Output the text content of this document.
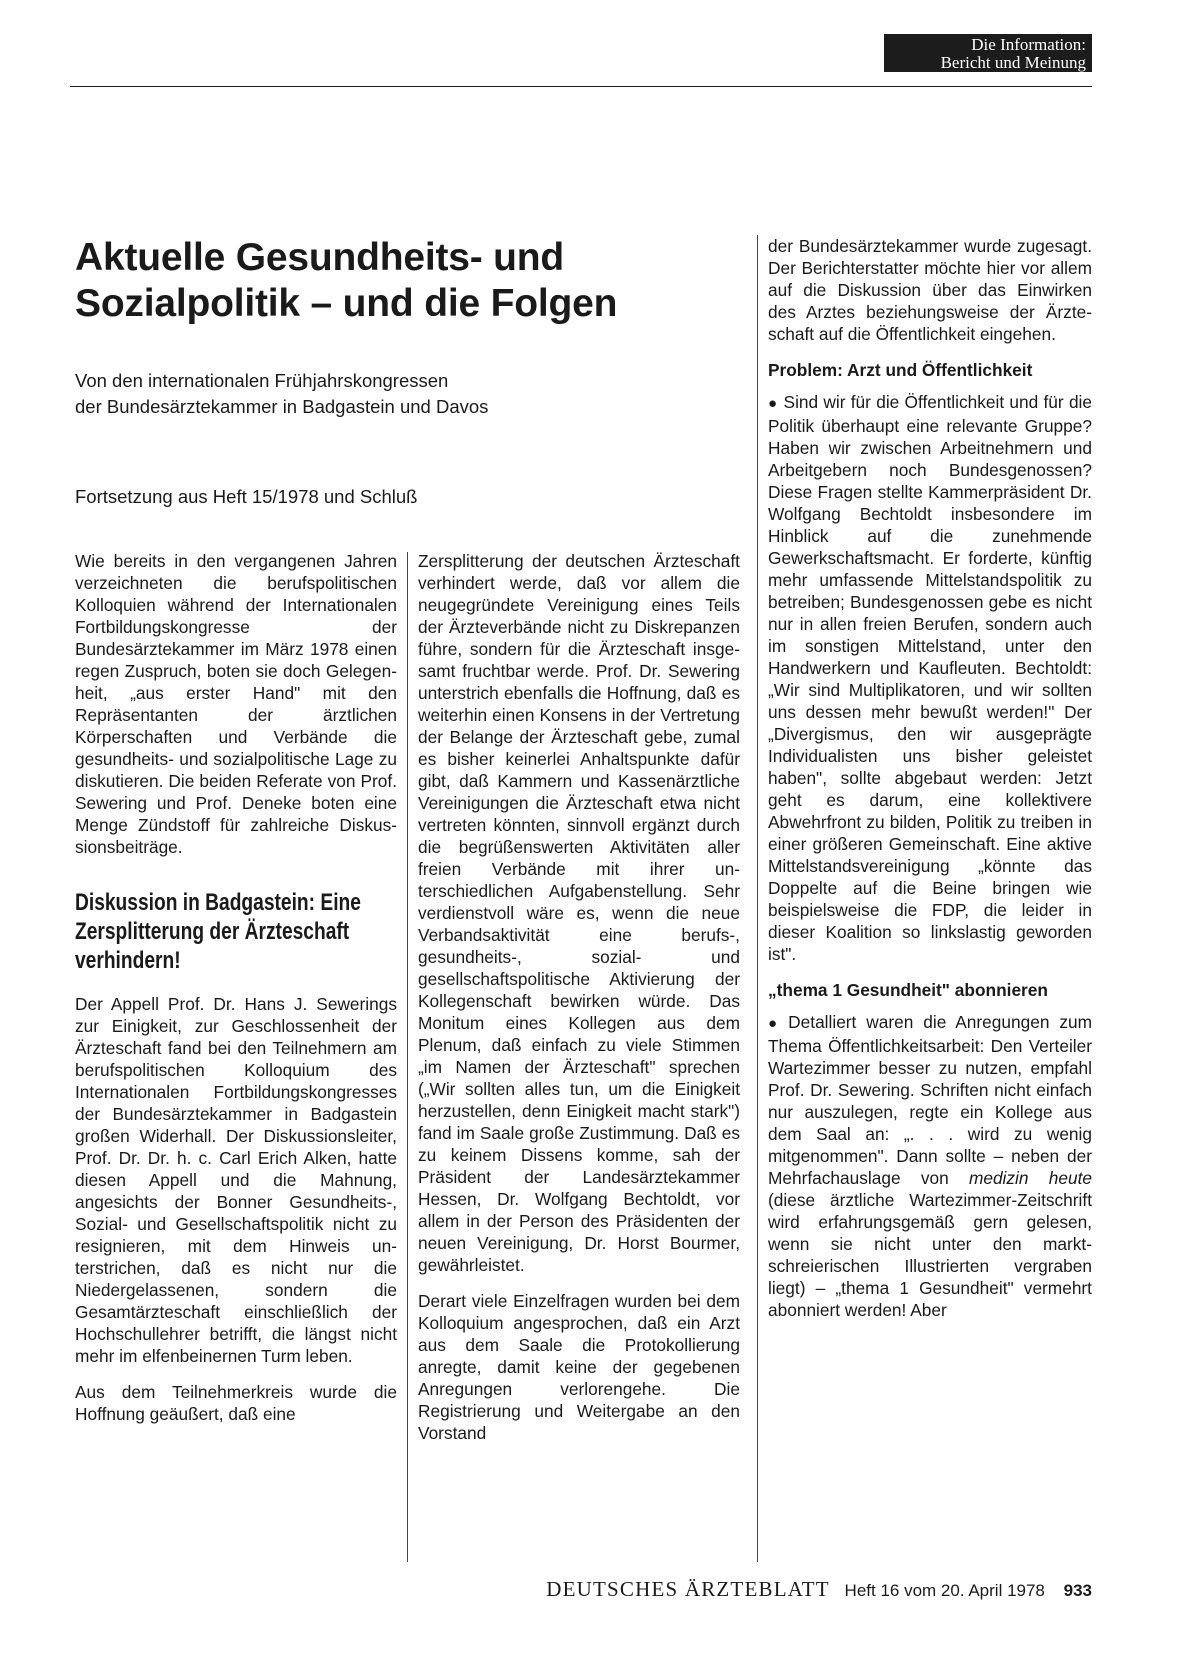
Die Information:
Bericht und Meinung
Aktuelle Gesundheits- und
Sozialpolitik – und die Folgen
Von den internationalen Frühjahrskongressen
der Bundesärztekammer in Badgastein und Davos
Fortsetzung aus Heft 15/1978 und Schluß

Wie bereits in den vergangenen Jahren verzeichneten die berufspolitischen Kolloquien während der Internationalen Fortbildungskongresse der Bundesärztekammer im März 1978 einen regen Zuspruch, boten sie doch Gelegenheit, „aus erster Hand" mit den Repräsentanten der ärztlichen Körperschaften und Verbände die gesundheits- und sozialpolitische Lage zu diskutieren. Die beiden Referate von Prof. Sewering und Prof. Deneke boten eine Menge Zündstoff für zahlreiche Diskussionsbeiträge.

Diskussion in Badgastein: Eine Zersplitterung der Ärzteschaft verhindern!

Der Appell Prof. Dr. Hans J. Sewerings zur Einigkeit, zur Geschlossenheit der Ärzteschaft fand bei den Teilnehmern am berufspolitischen Kolloquium des Internationalen Fortbildungskongresses der Bundesärztekammer in Badgastein großen Widerhall. Der Diskussionsleiter, Prof. Dr. Dr. h. c. Carl Erich Alken, hatte diesen Appell und die Mahnung, angesichts der Bonner Gesundheits-, Sozial- und Gesellschaftspolitik nicht zu resignieren, mit dem Hinweis unterstrichen, daß es nicht nur die Niedergelassenen, sondern die Gesamtärzteschaft einschließlich der Hochschullehrer betrifft, die längst nicht mehr im elfenbeinernen Turm leben.

Aus dem Teilnehmerkreis wurde die Hoffnung geäußert, daß eine

Zersplitterung der deutschen Ärzteschaft verhindert werde, daß vor allem die neugegründete Vereinigung eines Teils der Ärzteverbände nicht zu Diskrepanzen führe, sondern für die Ärzteschaft insgesamt fruchtbar werde. Prof. Dr. Sewering unterstrich ebenfalls die Hoffnung, daß es weiterhin einen Konsens in der Vertretung der Belange der Ärzteschaft gebe, zumal es bisher keinerlei Anhaltspunkte dafür gibt, daß Kammern und Kassenärztliche Vereinigungen die Ärzteschaft etwa nicht vertreten könnten, sinnvoll ergänzt durch die begrüßenswerten Aktivitäten aller freien Verbände mit ihrer unterschiedlichen Aufgabenstellung. Sehr verdienstvoll wäre es, wenn die neue Verbandsaktivität eine berufs-, gesundheits-, sozial- und gesellschaftspolitische Aktivierung der Kollegenschaft bewirken würde. Das Monitum eines Kollegen aus dem Plenum, daß einfach zu viele Stimmen „im Namen der Ärzteschaft" sprechen („Wir sollten alles tun, um die Einigkeit herzustellen, denn Einigkeit macht stark") fand im Saale große Zustimmung. Daß es zu keinem Dissens komme, sah der Präsident der Landesärztekammer Hessen, Dr. Wolfgang Bechtoldt, vor allem in der Person des Präsidenten der neuen Vereinigung, Dr. Horst Bourmer, gewährleistet.

Derart viele Einzelfragen wurden bei dem Kolloquium angesprochen, daß ein Arzt aus dem Saale die Protokollierung anregte, damit keine der gegebenen Anregungen verlorengehe. Die Registrierung und Weitergabe an den Vorstand

der Bundesärztekammer wurde zugesagt. Der Berichterstatter möchte hier vor allem auf die Diskussion über das Einwirken des Arztes beziehungsweise der Ärzteschaft auf die Öffentlichkeit eingehen.

Problem: Arzt und Öffentlichkeit

● Sind wir für die Öffentlichkeit und für die Politik überhaupt eine relevante Gruppe? Haben wir zwischen Arbeitnehmern und Arbeitgebern noch Bundesgenossen? Diese Fragen stellte Kammerpräsident Dr. Wolfgang Bechtoldt insbesondere im Hinblick auf die zunehmende Gewerkschaftsmacht. Er forderte, künftig mehr umfassende Mittelstandspolitik zu betreiben; Bundesgenossen gebe es nicht nur in allen freien Berufen, sondern auch im sonstigen Mittelstand, unter den Handwerkern und Kaufleuten. Bechtoldt: „Wir sind Multiplikatoren, und wir sollten uns dessen mehr bewußt werden!" Der „Divergismus, den wir ausgeprägte Individualisten uns bisher geleistet haben", sollte abgebaut werden: Jetzt geht es darum, eine kollektivere Abwehrfront zu bilden, Politik zu treiben in einer größeren Gemeinschaft. Eine aktive Mittelstandsvereinigung „könnte das Doppelte auf die Beine bringen wie beispielsweise die FDP, die leider in dieser Koalition so linkslastig geworden ist".

„thema 1 Gesundheit" abonnieren

● Detalliert waren die Anregungen zum Thema Öffentlichkeitsarbeit: Den Verteiler Wartezimmer besser zu nutzen, empfahl Prof. Dr. Sewering. Schriften nicht einfach nur auszulegen, regte ein Kollege aus dem Saal an: „. . . wird zu wenig mitgenommen". Dann sollte – neben der Mehrfachauslage von medizin heute (diese ärztliche Wartezimmer-Zeitschrift wird erfahrungsgemäß gern gelesen, wenn sie nicht unter den marktschreierischen Illustrierten vergraben liegt) – „thema 1 Gesundheit" vermehrt abonniert werden! Aber

DEUTSCHES ÄRZTEBLATT Heft 16 vom 20. April 1978 933
